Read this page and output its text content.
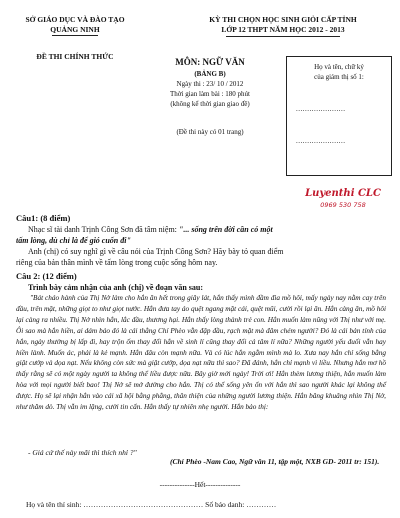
SỞ GIÁO DỤC VÀ ĐÀO TẠO
QUẢNG NINH
ĐỀ THI CHÍNH THỨC
KỲ THI CHỌN HỌC SINH GIỎI CẤP TỈNH
LỚP 12 THPT NĂM HỌC 2012 - 2013
MÔN: NGỮ VĂN
(BẢNG B)
Ngày thi : 23/ 10 / 2012
Thời gian làm bài : 180 phút
(không kể thời gian giao đề)
(Đề thi này có 01 trang)
Họ và tên, chữ ký
của giám thị số 1:
......................
......................
Luyenthi CLC
0969 530 758
Câu1: (8 điểm)
Nhạc sĩ tài danh Trịnh Công Sơn đã tâm niệm: "... sống trên đời cần có một
tấm lòng, dù chỉ là để gió cuốn đi"
Anh (chị) có suy nghĩ gì về câu nói của Trịnh Công Sơn? Hãy bày tỏ quan điểm
riêng của bản thân mình về tấm lòng trong cuộc sống hôm nay.
Câu 2: (12 điểm)
Trình bày cảm nhận của anh (chị) về đoạn văn sau:
"Bát cháo hành của Thị Nở làm cho hắn ăn hết trong giây lát, hắn thấy mình đầm đìa mồ hôi, mấy ngày nay nằm cay trên đầu, trên mặt, những giọt to như giọt nước. Hắn đưa tay áo quệt ngang mặt cái, quệt mũi, cười rồi lại ăn. Hắn càng ăn, mồ hôi lại càng ra nhiều. Thị Nở nhìn hắn, lắc đầu, thương hại. Hắn thấy lòng thành trẻ con. Hắn muốn làm nũng với Thị như với mẹ. Ôi sao mà hắn hiền, ai dám bảo đó là cái thằng Chí Phèo vẫn đập đầu, rạch mặt mà đâm chém người? Đó là cái bản tính của hắn, ngày thường bị lấp đi, hay trộn ốm thay đổi hắn về sinh lí cũng thay đổi cả tâm lí nữa? Những người yếu đuối vẫn hay hiền lành. Muốn ác, phải là kẻ mạnh. Hắn đâu còn mạnh nữa. Và có lúc hắn ngẫm mình mà lo. Xưa nay hắn chỉ sống bằng giật cướp và dọa nạt. Nếu không còn sức mà giật cướp, dọa nạt nữa thì sao? Đã đánh, hắn chỉ mạnh vì liều. Nhưng hắn mơ hồ thấy rằng sẽ có một ngày người ta không thể liều được nữa. Bây giờ mới ngày! Trời ơi! Hắn thèm lương thiện, hắn muốn làm hòa với mọi người biết bao! Thị Nở sẽ mở đường cho hắn. Thị có thể sống yên ổn với hắn thì sao người khác lại không thể được. Họ sẽ lại nhận hắn vào cái xã hội bằng phẳng, thân thiện của những người lương thiện. Hắn bâng khuâng nhìn Thị Nở, như thăm dò. Thị vẫn im lặng, cười tin cẩn. Hắn thấy tự nhiên nhẹ người. Hắn bảo thị:
- Giá cứ thế này mãi thì thích nhỉ ?"
(Chí Phèo -Nam Cao, Ngữ văn 11, tập một, NXB GD- 2011 tr: 151).
--------------Hết--------------
Họ và tên thí sinh: ………………………………………… Số báo danh: …………
